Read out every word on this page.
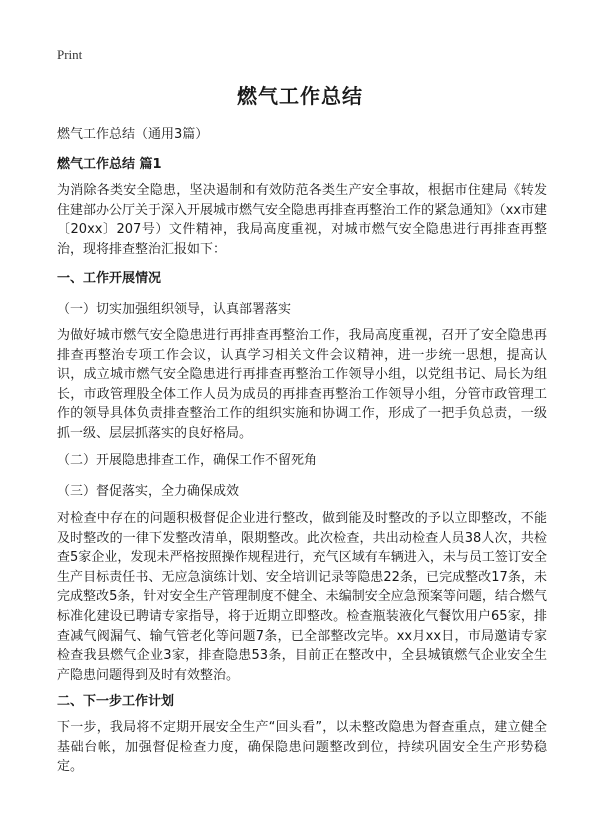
Print
燃气工作总结
燃气工作总结（通用3篇）
燃气工作总结 篇1
为消除各类安全隐患，坚决遏制和有效防范各类生产安全事故，根据市住建局《转发住建部办公厅关于深入开展城市燃气安全隐患再排查再整治工作的紧急通知》（xx市建〔20xx〕207号）文件精神，我局高度重视，对城市燃气安全隐患进行再排查再整治，现将排查整治汇报如下：
一、工作开展情况
（一）切实加强组织领导，认真部署落实
为做好城市燃气安全隐患进行再排查再整治工作，我局高度重视，召开了安全隐患再排查再整治专项工作会议，认真学习相关文件会议精神，进一步统一思想，提高认识，成立城市燃气安全隐患进行再排查再整治工作领导小组，以党组书记、局长为组长，市政管理股全体工作人员为成员的再排查再整治工作领导小组，分管市政管理工作的领导具体负责排查整治工作的组织实施和协调工作，形成了一把手负总责，一级抓一级、层层抓落实的良好格局。
（二）开展隐患排查工作，确保工作不留死角
（三）督促落实，全力确保成效
对检查中存在的问题积极督促企业进行整改，做到能及时整改的予以立即整改，不能及时整改的一律下发整改清单，限期整改。此次检查，共出动检查人员38人次，共检查5家企业，发现未严格按照操作规程进行，充气区域有车辆进入，未与员工签订安全生产目标责任书、无应急演练计划、安全培训记录等隐患22条，已完成整改17条，未完成整改5条，针对安全生产管理制度不健全、未编制安全应急预案等问题，结合燃气标准化建设已聘请专家指导，将于近期立即整改。检查瓶装液化气餐饮用户65家，排查减气阀漏气、输气管老化等问题7条，已全部整改完毕。xx月xx日，市局邀请专家检查我县燃气企业3家，排查隐患53条，目前正在整改中，全县城镇燃气企业安全生产隐患问题得到及时有效整治。
二、下一步工作计划
下一步，我局将不定期开展安全生产“回头看”，以未整改隐患为督查重点，建立健全基础台帐，加强督促检查力度，确保隐患问题整改到位，持续巩固安全生产形势稳定。
